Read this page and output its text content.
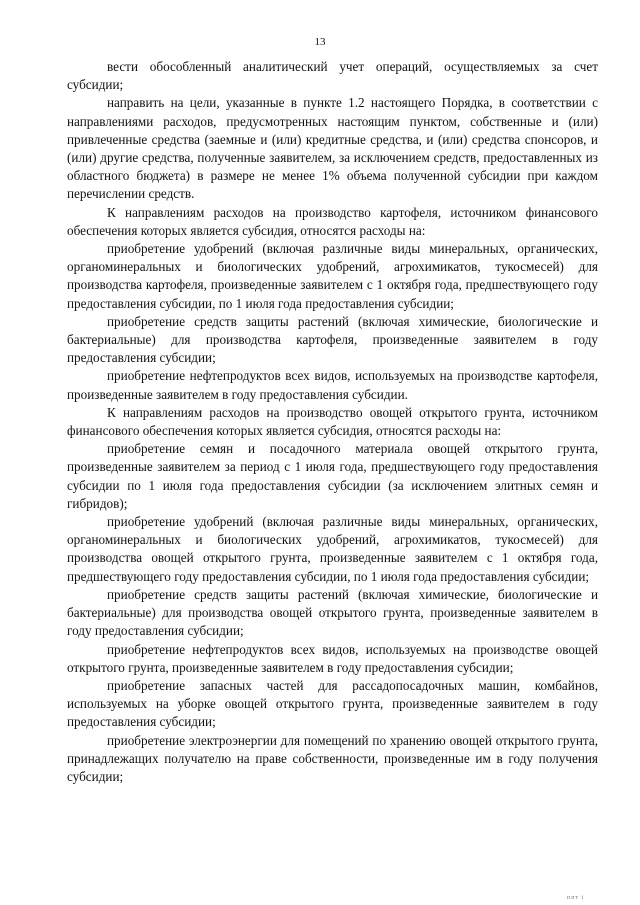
13

вести обособленный аналитический учет операций, осуществляемых за счет субсидии;

направить на цели, указанные в пункте 1.2 настоящего Порядка, в соответствии с направлениями расходов, предусмотренных настоящим пунктом, собственные и (или) привлеченные средства (заемные и (или) кредитные средства, и (или) средства спонсоров, и (или) другие средства, полученные заявителем, за исключением средств, предоставленных из областного бюджета) в размере не менее 1% объема полученной субсидии при каждом перечислении средств.

К направлениям расходов на производство картофеля, источником финансового обеспечения которых является субсидия, относятся расходы на:

приобретение удобрений (включая различные виды минеральных, органических, органоминеральных и биологических удобрений, агрохимикатов, тукосмесей) для производства картофеля, произведенные заявителем с 1 октября года, предшествующего году предоставления субсидии, по 1 июля года предоставления субсидии;

приобретение средств защиты растений (включая химические, биологические и бактериальные) для производства картофеля, произведенные заявителем в году предоставления субсидии;

приобретение нефтепродуктов всех видов, используемых на производстве картофеля, произведенные заявителем в году предоставления субсидии.

К направлениям расходов на производство овощей открытого грунта, источником финансового обеспечения которых является субсидия, относятся расходы на:

приобретение семян и посадочного материала овощей открытого грунта, произведенные заявителем за период с 1 июля года, предшествующего году предоставления субсидии по 1 июля года предоставления субсидии (за исключением элитных семян и гибридов);

приобретение удобрений (включая различные виды минеральных, органических, органоминеральных и биологических удобрений, агрохимикатов, тукосмесей) для производства овощей открытого грунта, произведенные заявителем с 1 октября года, предшествующего году предоставления субсидии, по 1 июля года предоставления субсидии;

приобретение средств защиты растений (включая химические, биологические и бактериальные) для производства овощей открытого грунта, произведенные заявителем в году предоставления субсидии;

приобретение нефтепродуктов всех видов, используемых на производстве овощей открытого грунта, произведенные заявителем в году предоставления субсидии;

приобретение запасных частей для рассадопосадочных машин, комбайнов, используемых на уборке овощей открытого грунта, произведенные заявителем в году предоставления субсидии;

приобретение электроэнергии для помещений по хранению овощей открытого грунта, принадлежащих получателю на праве собственности, произведенные им в году получения субсидии;

ппт і
